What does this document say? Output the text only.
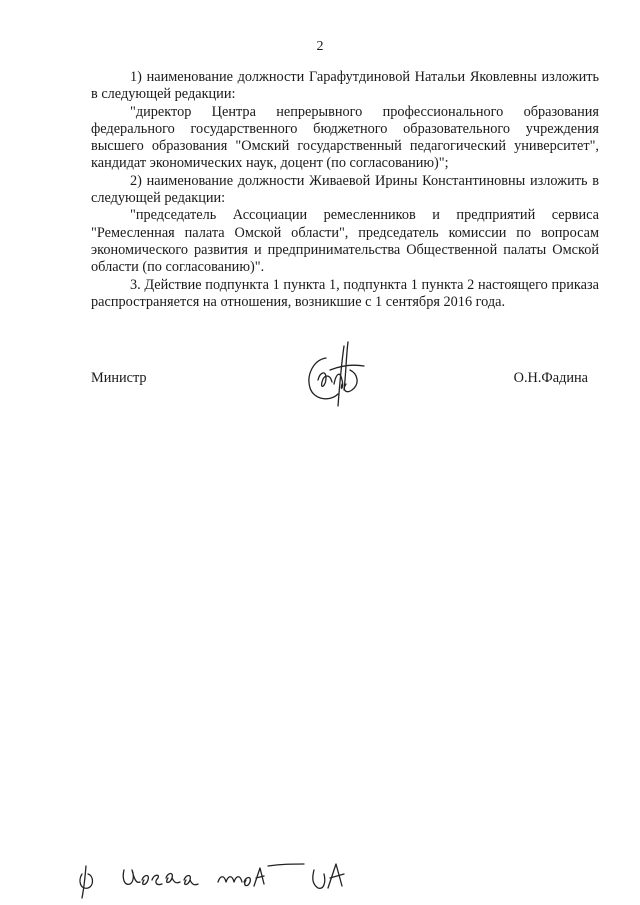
2

1) наименование должности Гарафутдиновой Натальи Яковлевны изложить в следующей редакции:

"директор Центра непрерывного профессионального образования федерального государственного бюджетного образовательного учреждения высшего образования "Омский государственный педагогический университет", кандидат экономических наук, доцент (по согласованию)";

2) наименование должности Живаевой Ирины Константиновны изложить в следующей редакции:

"председатель Ассоциации ремесленников и предприятий сервиса "Ремесленная палата Омской области", председатель комиссии по вопросам экономического развития и предпринимательства Общественной палаты Омской области (по согласованию)".

3. Действие подпункта 1 пункта 1, подпункта 1 пункта 2 настоящего приказа распространяется на отношения, возникшие с 1 сентября 2016 года.

Министр	О.Н.Фадина
